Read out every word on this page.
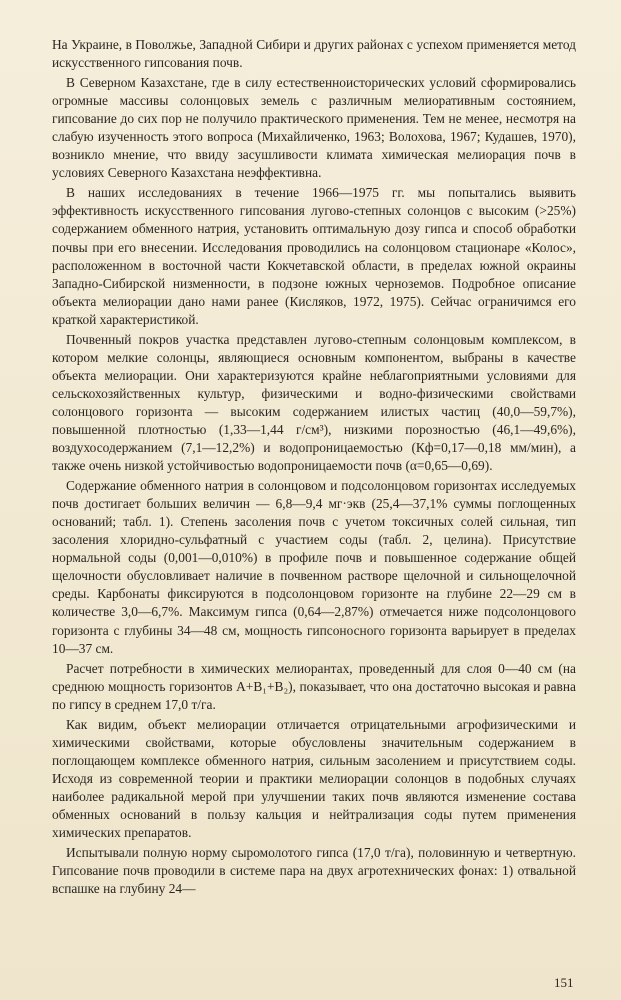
На Украине, в Поволжье, Западной Сибири и других районах с успехом применяется метод искусственного гипсования почв.

В Северном Казахстане, где в силу естественноисторических условий сформировались огромные массивы солонцовых земель с различным мелиоративным состоянием, гипсование до сих пор не получило практического применения. Тем не менее, несмотря на слабую изученность этого вопроса (Михайличенко, 1963; Волохова, 1967; Кудашев, 1970), возникло мнение, что ввиду засушливости климата химическая мелиорация почв в условиях Северного Казахстана неэффективна.

В наших исследованиях в течение 1966—1975 гг. мы попытались выявить эффективность искусственного гипсования лугово-степных солонцов с высоким (>25%) содержанием обменного натрия, установить оптимальную дозу гипса и способ обработки почвы при его внесении. Исследования проводились на солонцовом стационаре «Колос», расположенном в восточной части Кокчетавской области, в пределах южной окраины Западно-Сибирской низменности, в подзоне южных черноземов. Подробное описание объекта мелиорации дано нами ранее (Кисляков, 1972, 1975). Сейчас ограничимся его краткой характеристикой.

Почвенный покров участка представлен лугово-степным солонцовым комплексом, в котором мелкие солонцы, являющиеся основным компонентом, выбраны в качестве объекта мелиорации. Они характеризуются крайне неблагоприятными условиями для сельскохозяйственных культур, физическими и водно-физическими свойствами солонцового горизонта — высоким содержанием илистых частиц (40,0—59,7%), повышенной плотностью (1,33—1,44 г/см³), низкими порозностью (46,1—49,6%), воздухосодержанием (7,1—12,2%) и водопроницаемостью (Кф=0,17—0,18 мм/мин), а также очень низкой устойчивостью водопроницаемости почв (α=0,65—0,69).

Содержание обменного натрия в солонцовом и подсолонцовом горизонтах исследуемых почв достигает больших величин — 6,8—9,4 мг·экв (25,4—37,1% суммы поглощенных оснований; табл. 1). Степень засоления почв с учетом токсичных солей сильная, тип засоления хлоридно-сульфатный с участием соды (табл. 2, целина). Присутствие нормальной соды (0,001—0,010%) в профиле почв и повышенное содержание общей щелочности обусловливает наличие в почвенном растворе щелочной и сильнощелочной среды. Карбонаты фиксируются в подсолонцовом горизонте на глубине 22—29 см в количестве 3,0—6,7%. Максимум гипса (0,64—2,87%) отмечается ниже подсолонцового горизонта с глубины 34—48 см, мощность гипсоносного горизонта варьирует в пределах 10—37 см.

Расчет потребности в химических мелиорантах, проведенный для слоя 0—40 см (на среднюю мощность горизонтов A+B₁+B₂), показывает, что она достаточно высокая и равна по гипсу в среднем 17,0 т/га.

Как видим, объект мелиорации отличается отрицательными агрофизическими и химическими свойствами, которые обусловлены значительным содержанием в поглощающем комплексе обменного натрия, сильным засолением и присутствием соды. Исходя из современной теории и практики мелиорации солонцов в подобных случаях наиболее радикальной мерой при улучшении таких почв являются изменение состава обменных оснований в пользу кальция и нейтрализация соды путем применения химических препаратов.

Испытывали полную норму сыромолотого гипса (17,0 т/га), половинную и четвертную. Гипсование почв проводили в системе пара на двух агротехнических фонах: 1) отвальной вспашке на глубину 24—

151
